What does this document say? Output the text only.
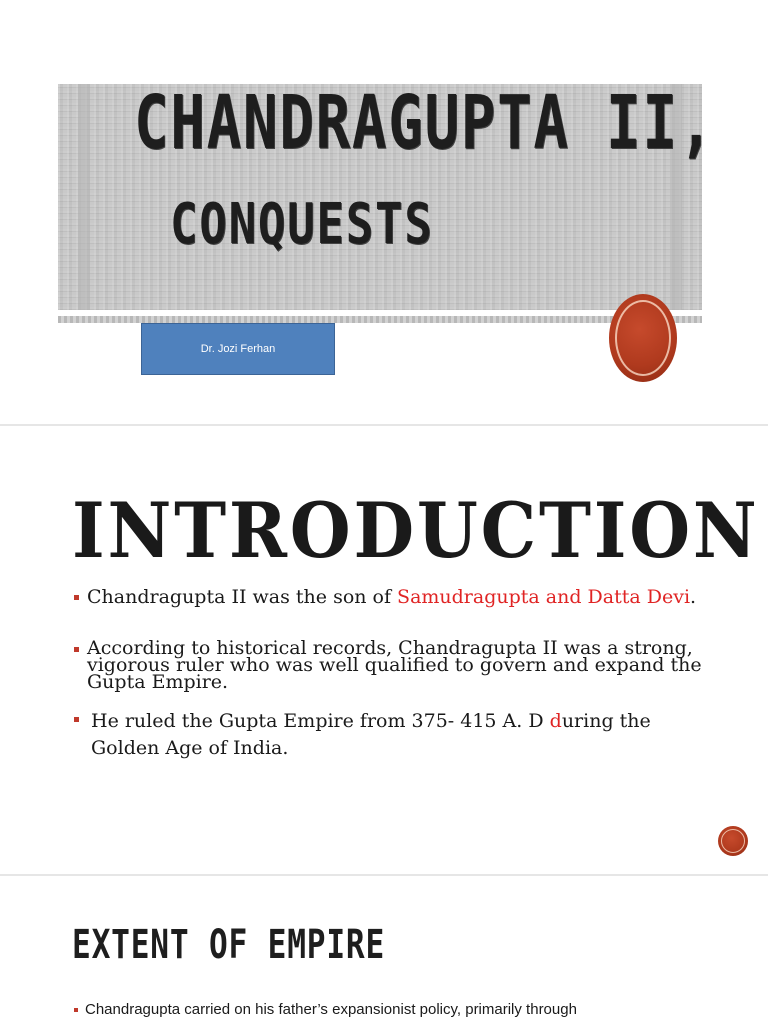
CHANDRAGUPTA II,
CONQUESTS
Dr. Jozi Ferhan
INTRODUCTION
Chandragupta II was the son of Samudragupta and Datta Devi.
According to historical records, Chandragupta II was a strong, vigorous ruler who was well qualified to govern and expand the Gupta Empire.
He ruled the Gupta Empire from 375- 415 A. D during the Golden Age of India.
EXTENT OF EMPIRE
Chandragupta carried on his father’s expansionist policy, primarily through
